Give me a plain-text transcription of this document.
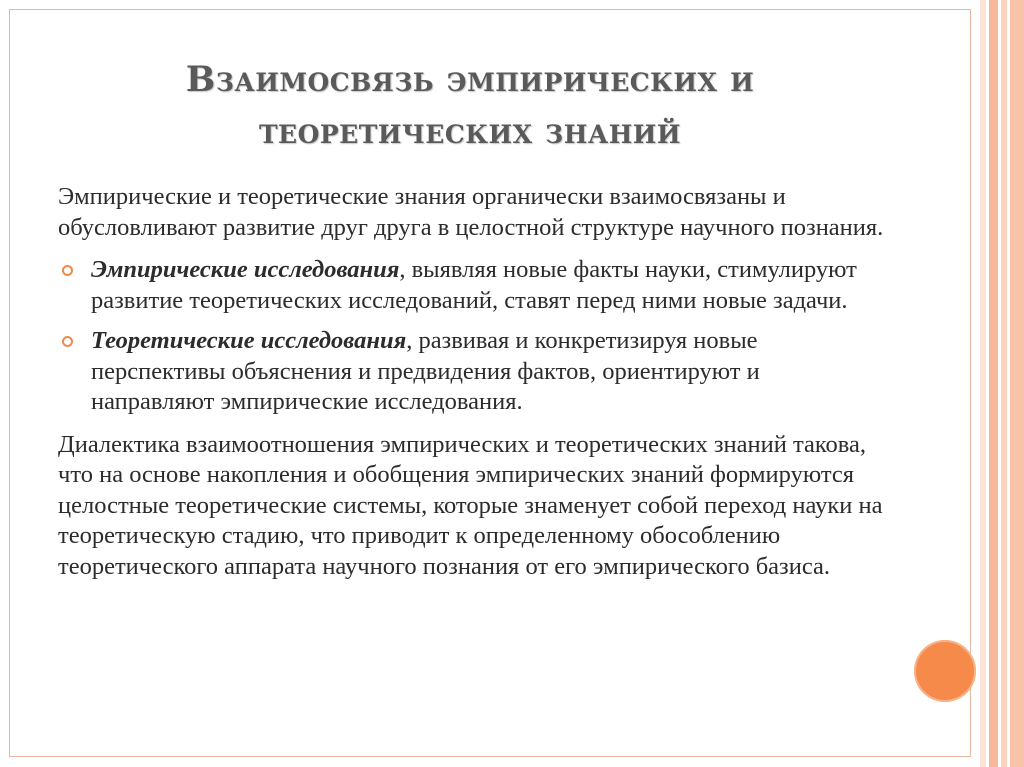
Взаимосвязь эмпирических и
теоретических знаний

Эмпирические и теоретические знания органически взаимосвязаны и обусловливают развитие друг друга в целостной структуре научного познания.

Эмпирические исследования, выявляя новые факты науки, стимулируют развитие теоретических исследований, ставят перед ними новые задачи.
Теоретические исследования, развивая и конкретизируя новые перспективы объяснения и предвидения фактов, ориентируют и направляют эмпирические исследования.

Диалектика взаимоотношения эмпирических и теоретических знаний такова, что на основе накопления и обобщения эмпирических знаний формируются целостные теоретические системы, которые знаменует собой переход науки на теоретическую стадию, что приводит к определенному обособлению теоретического аппарата научного познания от его эмпирического базиса.
